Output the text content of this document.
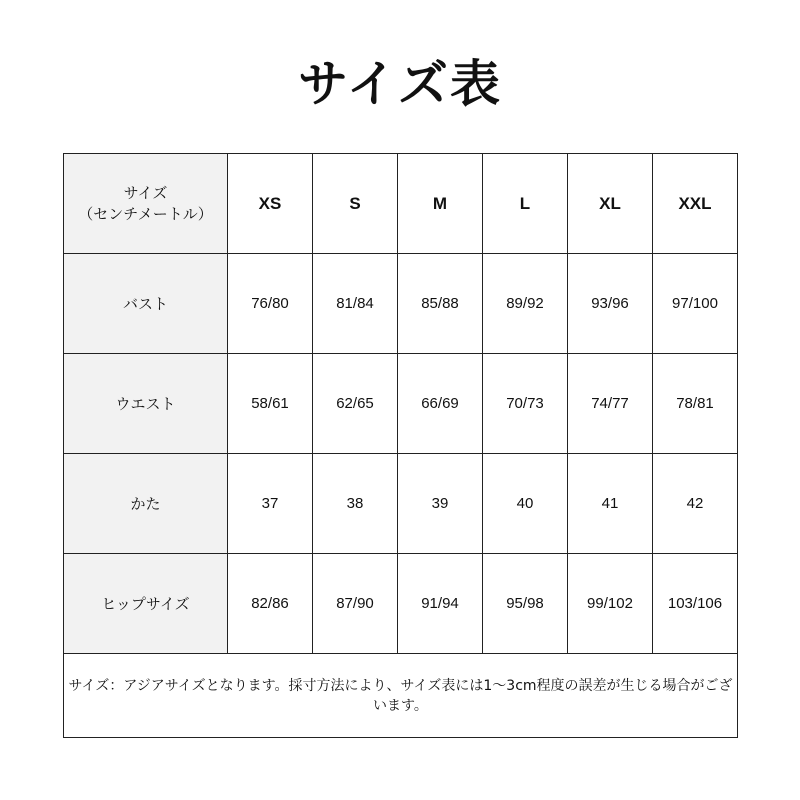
サイズ表
サイズ
（センチメートル）	XS	S	M	L	XL	XXL
バスト	76/80	81/84	85/88	89/92	93/96	97/100
ウエスト	58/61	62/65	66/69	70/73	74/77	78/81
かた	37	38	39	40	41	42
ヒップサイズ	82/86	87/90	91/94	95/98	99/102	103/106
サイズ：アジアサイズとなります。採寸方法により、サイズ表には1～3cm程度の誤差が生じる場合がございます。						
